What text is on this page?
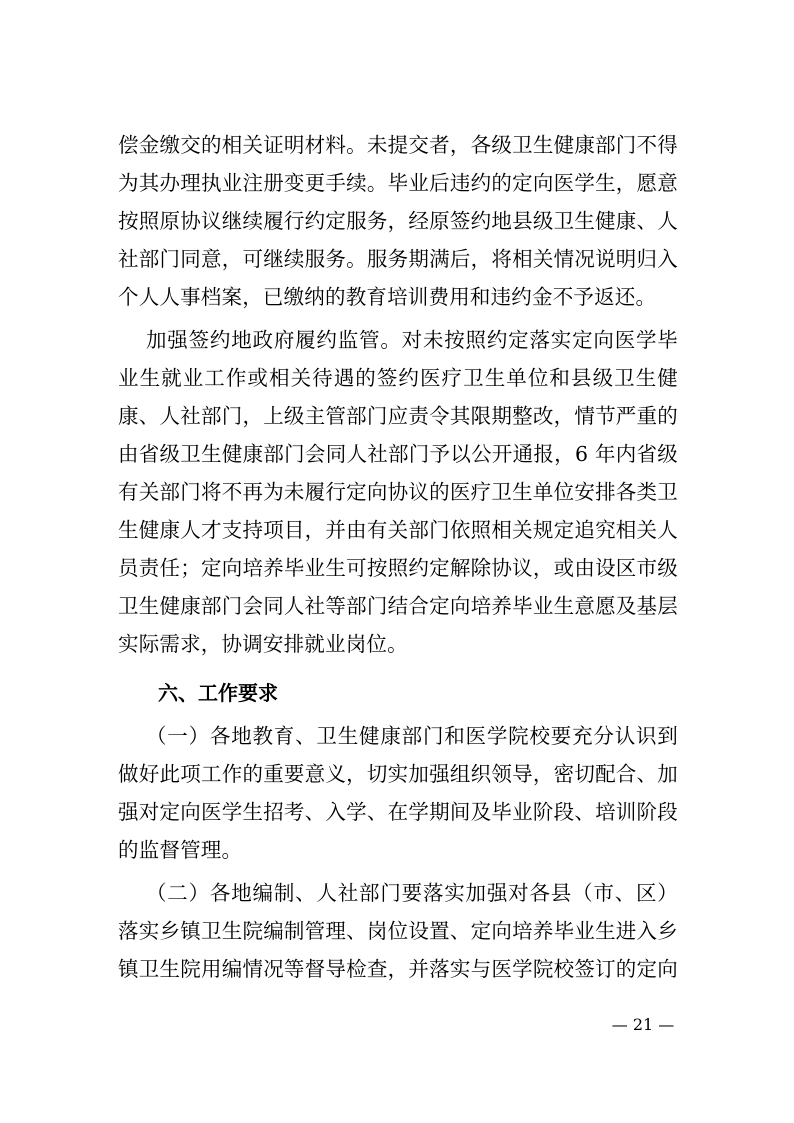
偿金缴交的相关证明材料。未提交者，各级卫生健康部门不得
为其办理执业注册变更手续。毕业后违约的定向医学生，愿意
按照原协议继续履行约定服务，经原签约地县级卫生健康、人
社部门同意，可继续服务。服务期满后，将相关情况说明归入
个人人事档案，已缴纳的教育培训费用和违约金不予返还。
加强签约地政府履约监管。对未按照约定落实定向医学毕
业生就业工作或相关待遇的签约医疗卫生单位和县级卫生健
康、人社部门，上级主管部门应责令其限期整改，情节严重的
由省级卫生健康部门会同人社部门予以公开通报，6 年内省级
有关部门将不再为未履行定向协议的医疗卫生单位安排各类卫
生健康人才支持项目，并由有关部门依照相关规定追究相关人
员责任；定向培养毕业生可按照约定解除协议，或由设区市级
卫生健康部门会同人社等部门结合定向培养毕业生意愿及基层
实际需求，协调安排就业岗位。
六、工作要求
（一）各地教育、卫生健康部门和医学院校要充分认识到
做好此项工作的重要意义，切实加强组织领导，密切配合、加
强对定向医学生招考、入学、在学期间及毕业阶段、培训阶段
的监督管理。
（二）各地编制、人社部门要落实加强对各县（市、区）
落实乡镇卫生院编制管理、岗位设置、定向培养毕业生进入乡
镇卫生院用编情况等督导检查，并落实与医学院校签订的定向
— 21 —
